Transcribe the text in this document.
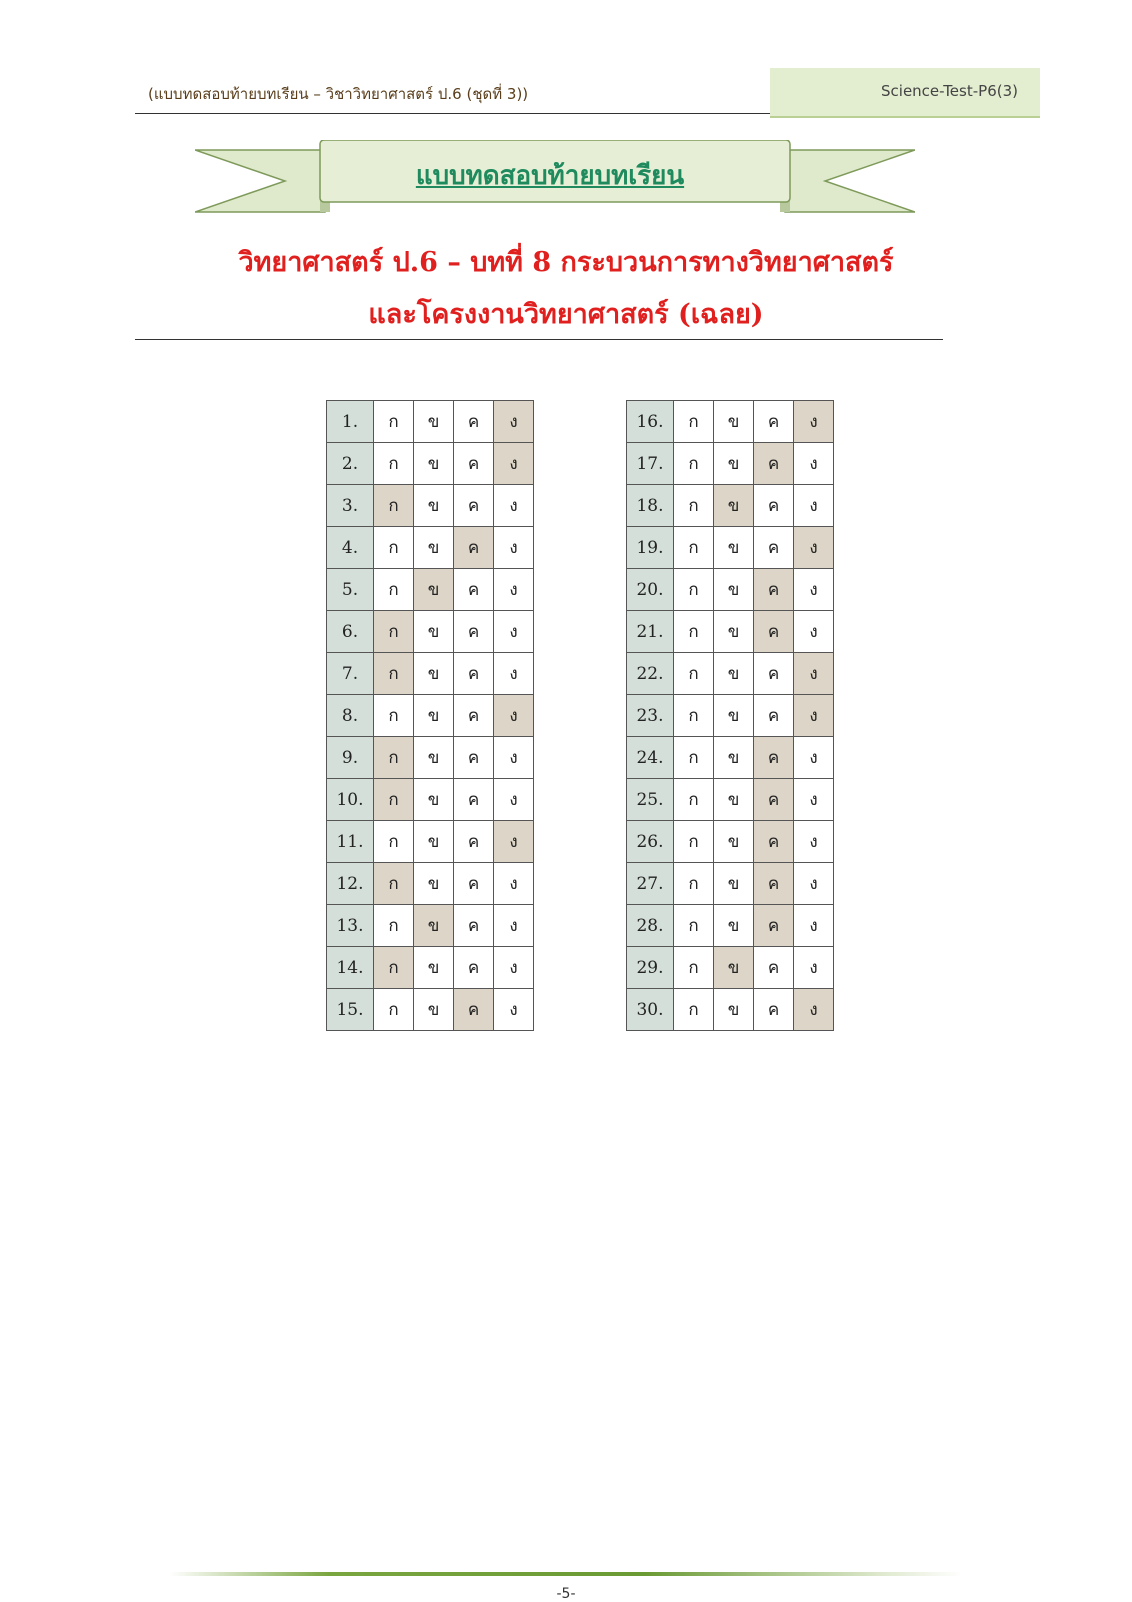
(แบบทดสอบท้ายบทเรียน – วิชาวิทยาศาสตร์ ป.6 (ชุดที่ 3))	Science-Test-P6(3)
แบบทดสอบท้ายบทเรียน
วิทยาศาสตร์ ป.6 – บทที่ 8 กระบวนการทางวิทยาศาสตร์
และโครงงานวิทยาศาสตร์ (เฉลย)
1.	ก	ข	ค	ง
2.	ก	ข	ค	ง
3.	ก	ข	ค	ง
4.	ก	ข	ค	ง
5.	ก	ข	ค	ง
6.	ก	ข	ค	ง
7.	ก	ข	ค	ง
8.	ก	ข	ค	ง
9.	ก	ข	ค	ง
10.	ก	ข	ค	ง
11.	ก	ข	ค	ง
12.	ก	ข	ค	ง
13.	ก	ข	ค	ง
14.	ก	ข	ค	ง
15.	ก	ข	ค	ง
16.	ก	ข	ค	ง
17.	ก	ข	ค	ง
18.	ก	ข	ค	ง
19.	ก	ข	ค	ง
20.	ก	ข	ค	ง
21.	ก	ข	ค	ง
22.	ก	ข	ค	ง
23.	ก	ข	ค	ง
24.	ก	ข	ค	ง
25.	ก	ข	ค	ง
26.	ก	ข	ค	ง
27.	ก	ข	ค	ง
28.	ก	ข	ค	ง
29.	ก	ข	ค	ง
30.	ก	ข	ค	ง
-5-
